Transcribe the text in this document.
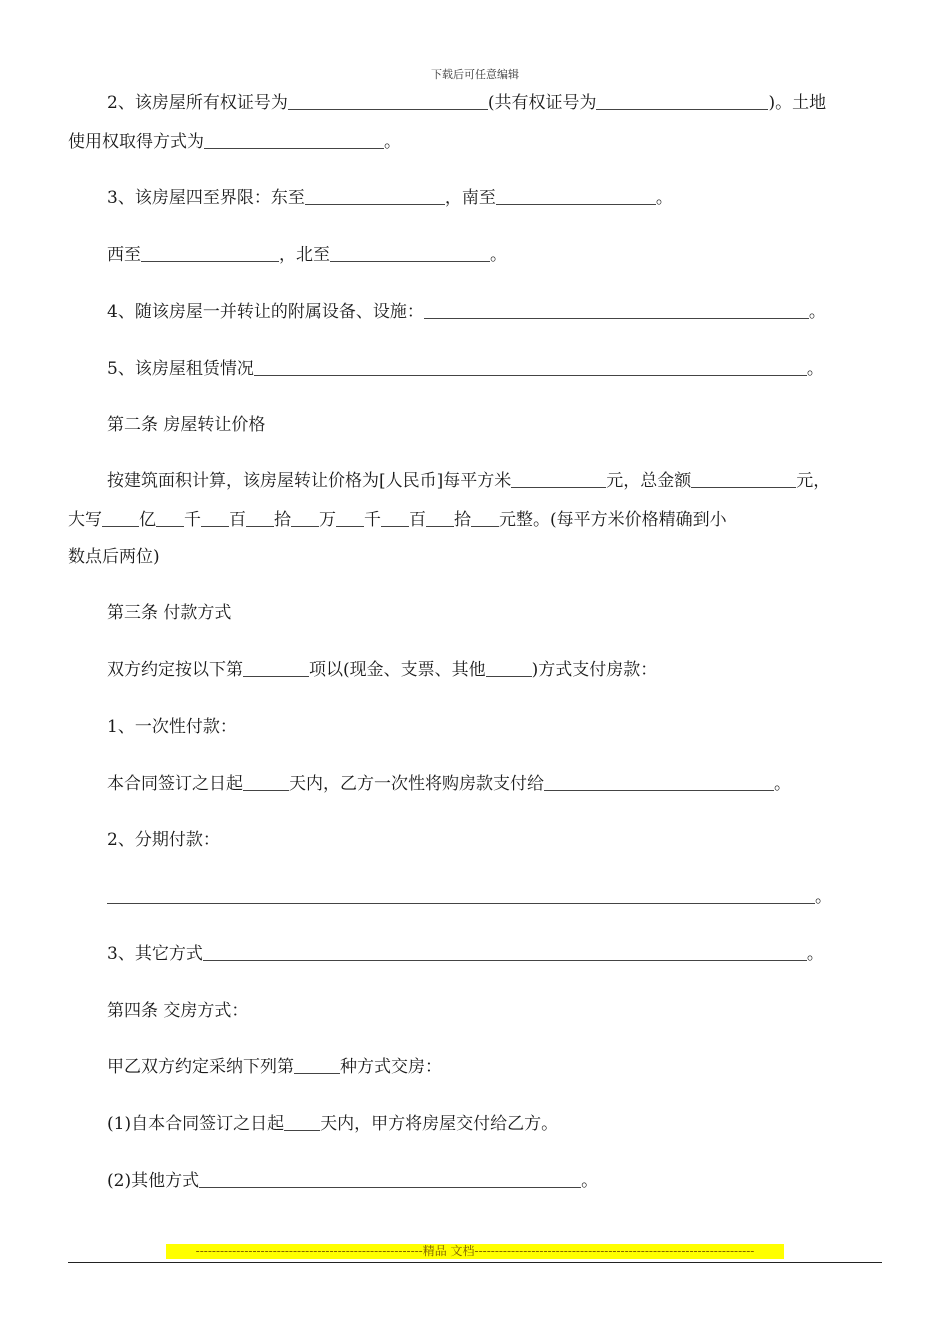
下载后可任意编辑
2、该房屋所有权证号为	(共有权证号为	)。土地
使用权取得方式为	。
3、该房屋四至界限：东至	，南至	。
西至	，北至	。
4、随该房屋一并转让的附属设备、设施：	。
5、该房屋租赁情况	。
第二条 房屋转让价格
按建筑面积计算，该房屋转让价格为[人民币]每平方米	元，总金额	元，
大写 亿 千 百 拾 万 千 百 拾 元整。(每平方米价格精确到小
数点后两位)
第三条 付款方式
双方约定按以下第	项以(现金、支票、其他	)方式支付房款：
1、一次性付款：
本合同签订之日起	天内，乙方一次性将购房款支付给	。
2、分期付款：
。
3、其它方式	。
第四条 交房方式：
甲乙双方约定采纳下列第	种方式交房：
(1)自本合同签订之日起 天内，甲方将房屋交付给乙方。
(2)其他方式	。
--------------------------------------------------------精品 文档---------------------------------------------------------------------
